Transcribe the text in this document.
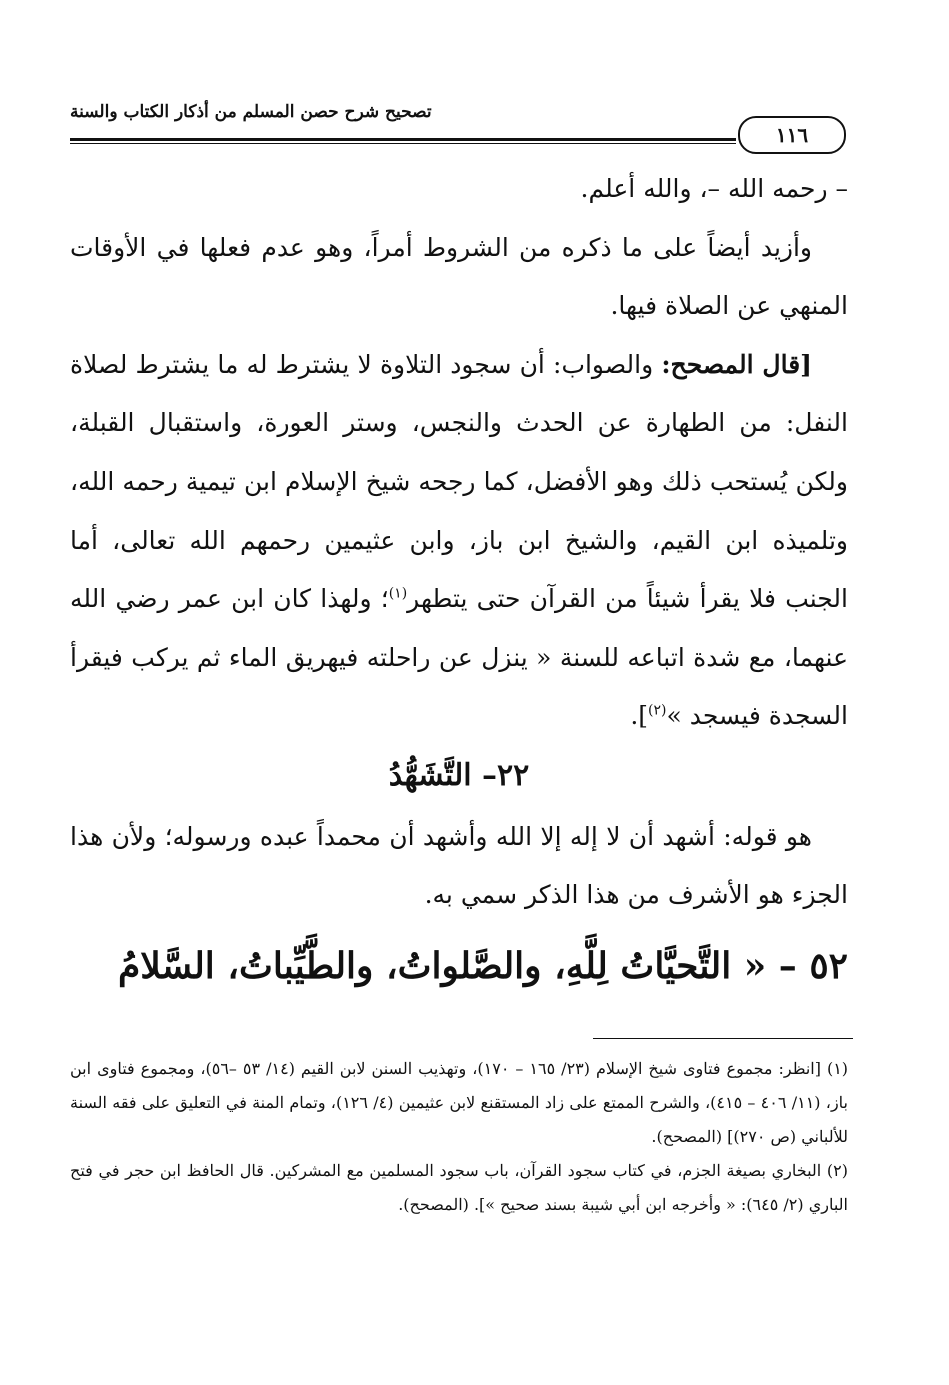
تصحيح شرح حصن المسلم من أذكار الكتاب والسنة
١١٦

– رحمه الله –، والله أعلم.

وأزيد أيضاً على ما ذكره من الشروط أمراً، وهو عدم فعلها في الأوقات المنهي عن الصلاة فيها.

[قال المصحح: والصواب: أن سجود التلاوة لا يشترط له ما يشترط لصلاة النفل: من الطهارة عن الحدث والنجس، وستر العورة، واستقبال القبلة، ولكن يُستحب ذلك وهو الأفضل، كما رجحه شيخ الإسلام ابن تيمية رحمه الله، وتلميذه ابن القيم، والشيخ ابن باز، وابن عثيمين رحمهم الله تعالى، أما الجنب فلا يقرأ شيئاً من القرآن حتى يتطهر$^{(١)}$؛ ولهذا كان ابن عمر رضي الله عنهما، مع شدة اتباعه للسنة « ينزل عن راحلته فيهريق الماء ثم يركب فيقرأ السجدة فيسجد »$^{(٢)}$].

٢٢– التَّشَهُّدُ

هو قوله: أشهد أن لا إله إلا الله وأشهد أن محمداً عبده ورسوله؛ ولأن هذا الجزء هو الأشرف من هذا الذكر سمي به.

٥٢ – « التَّحيَّاتُ لِلَّهِ، والصَّلواتُ، والطَّيِّباتُ، السَّلامُ

(١) [انظر: مجموع فتاوى شيخ الإسلام (٢٣/ ١٦٥ – ١٧٠)، وتهذيب السنن لابن القيم (١٤/ ٥٣ –٥٦)، ومجموع فتاوى ابن باز، (١١/ ٤٠٦ – ٤١٥)، والشرح الممتع على زاد المستقنع لابن عثيمين (٤/ ١٢٦)، وتمام المنة في التعليق على فقه السنة للألباني (ص ٢٧٠)] (المصحح).

(٢) البخاري بصيغة الجزم، في كتاب سجود القرآن، باب سجود المسلمين مع المشركين. قال الحافظ ابن حجر في فتح الباري (٢/ ٦٤٥): « وأخرجه ابن أبي شيبة بسند صحيح »]. (المصحح).
